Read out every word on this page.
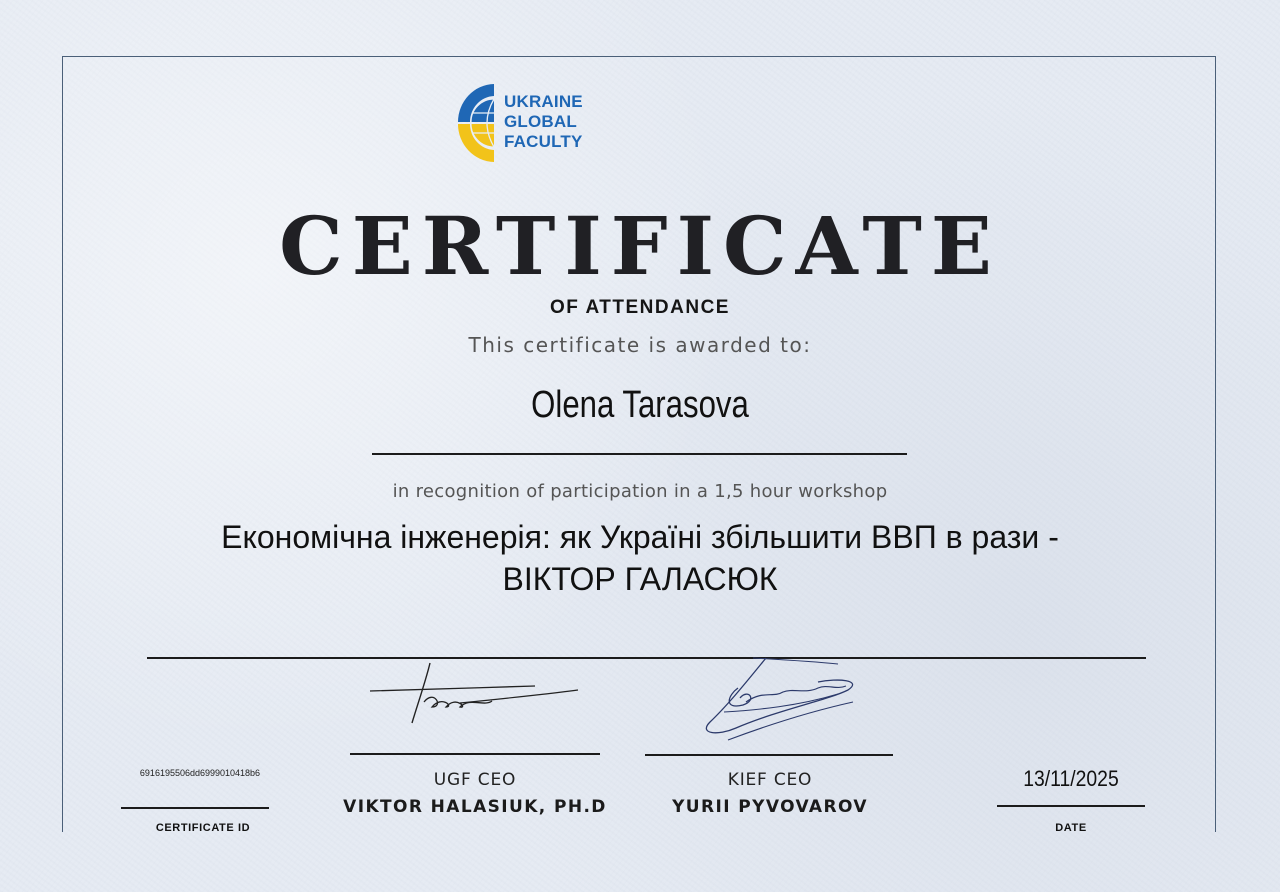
UKRAINE
GLOBAL
FACULTY
CERTIFICATE
OF ATTENDANCE
This certificate is awarded to:
Olena Tarasova
in recognition of participation in a 1,5 hour workshop
Економічна інженерія: як Україні збільшити ВВП в рази -
ВІКТОР ГАЛАСЮК
6916195506dd6999010418b6
CERTIFICATE ID
UGF CEO
VIKTOR HALASIUK, PH.D
KIEF CEO
YURII PYVOVAROV
13/11/2025
DATE
